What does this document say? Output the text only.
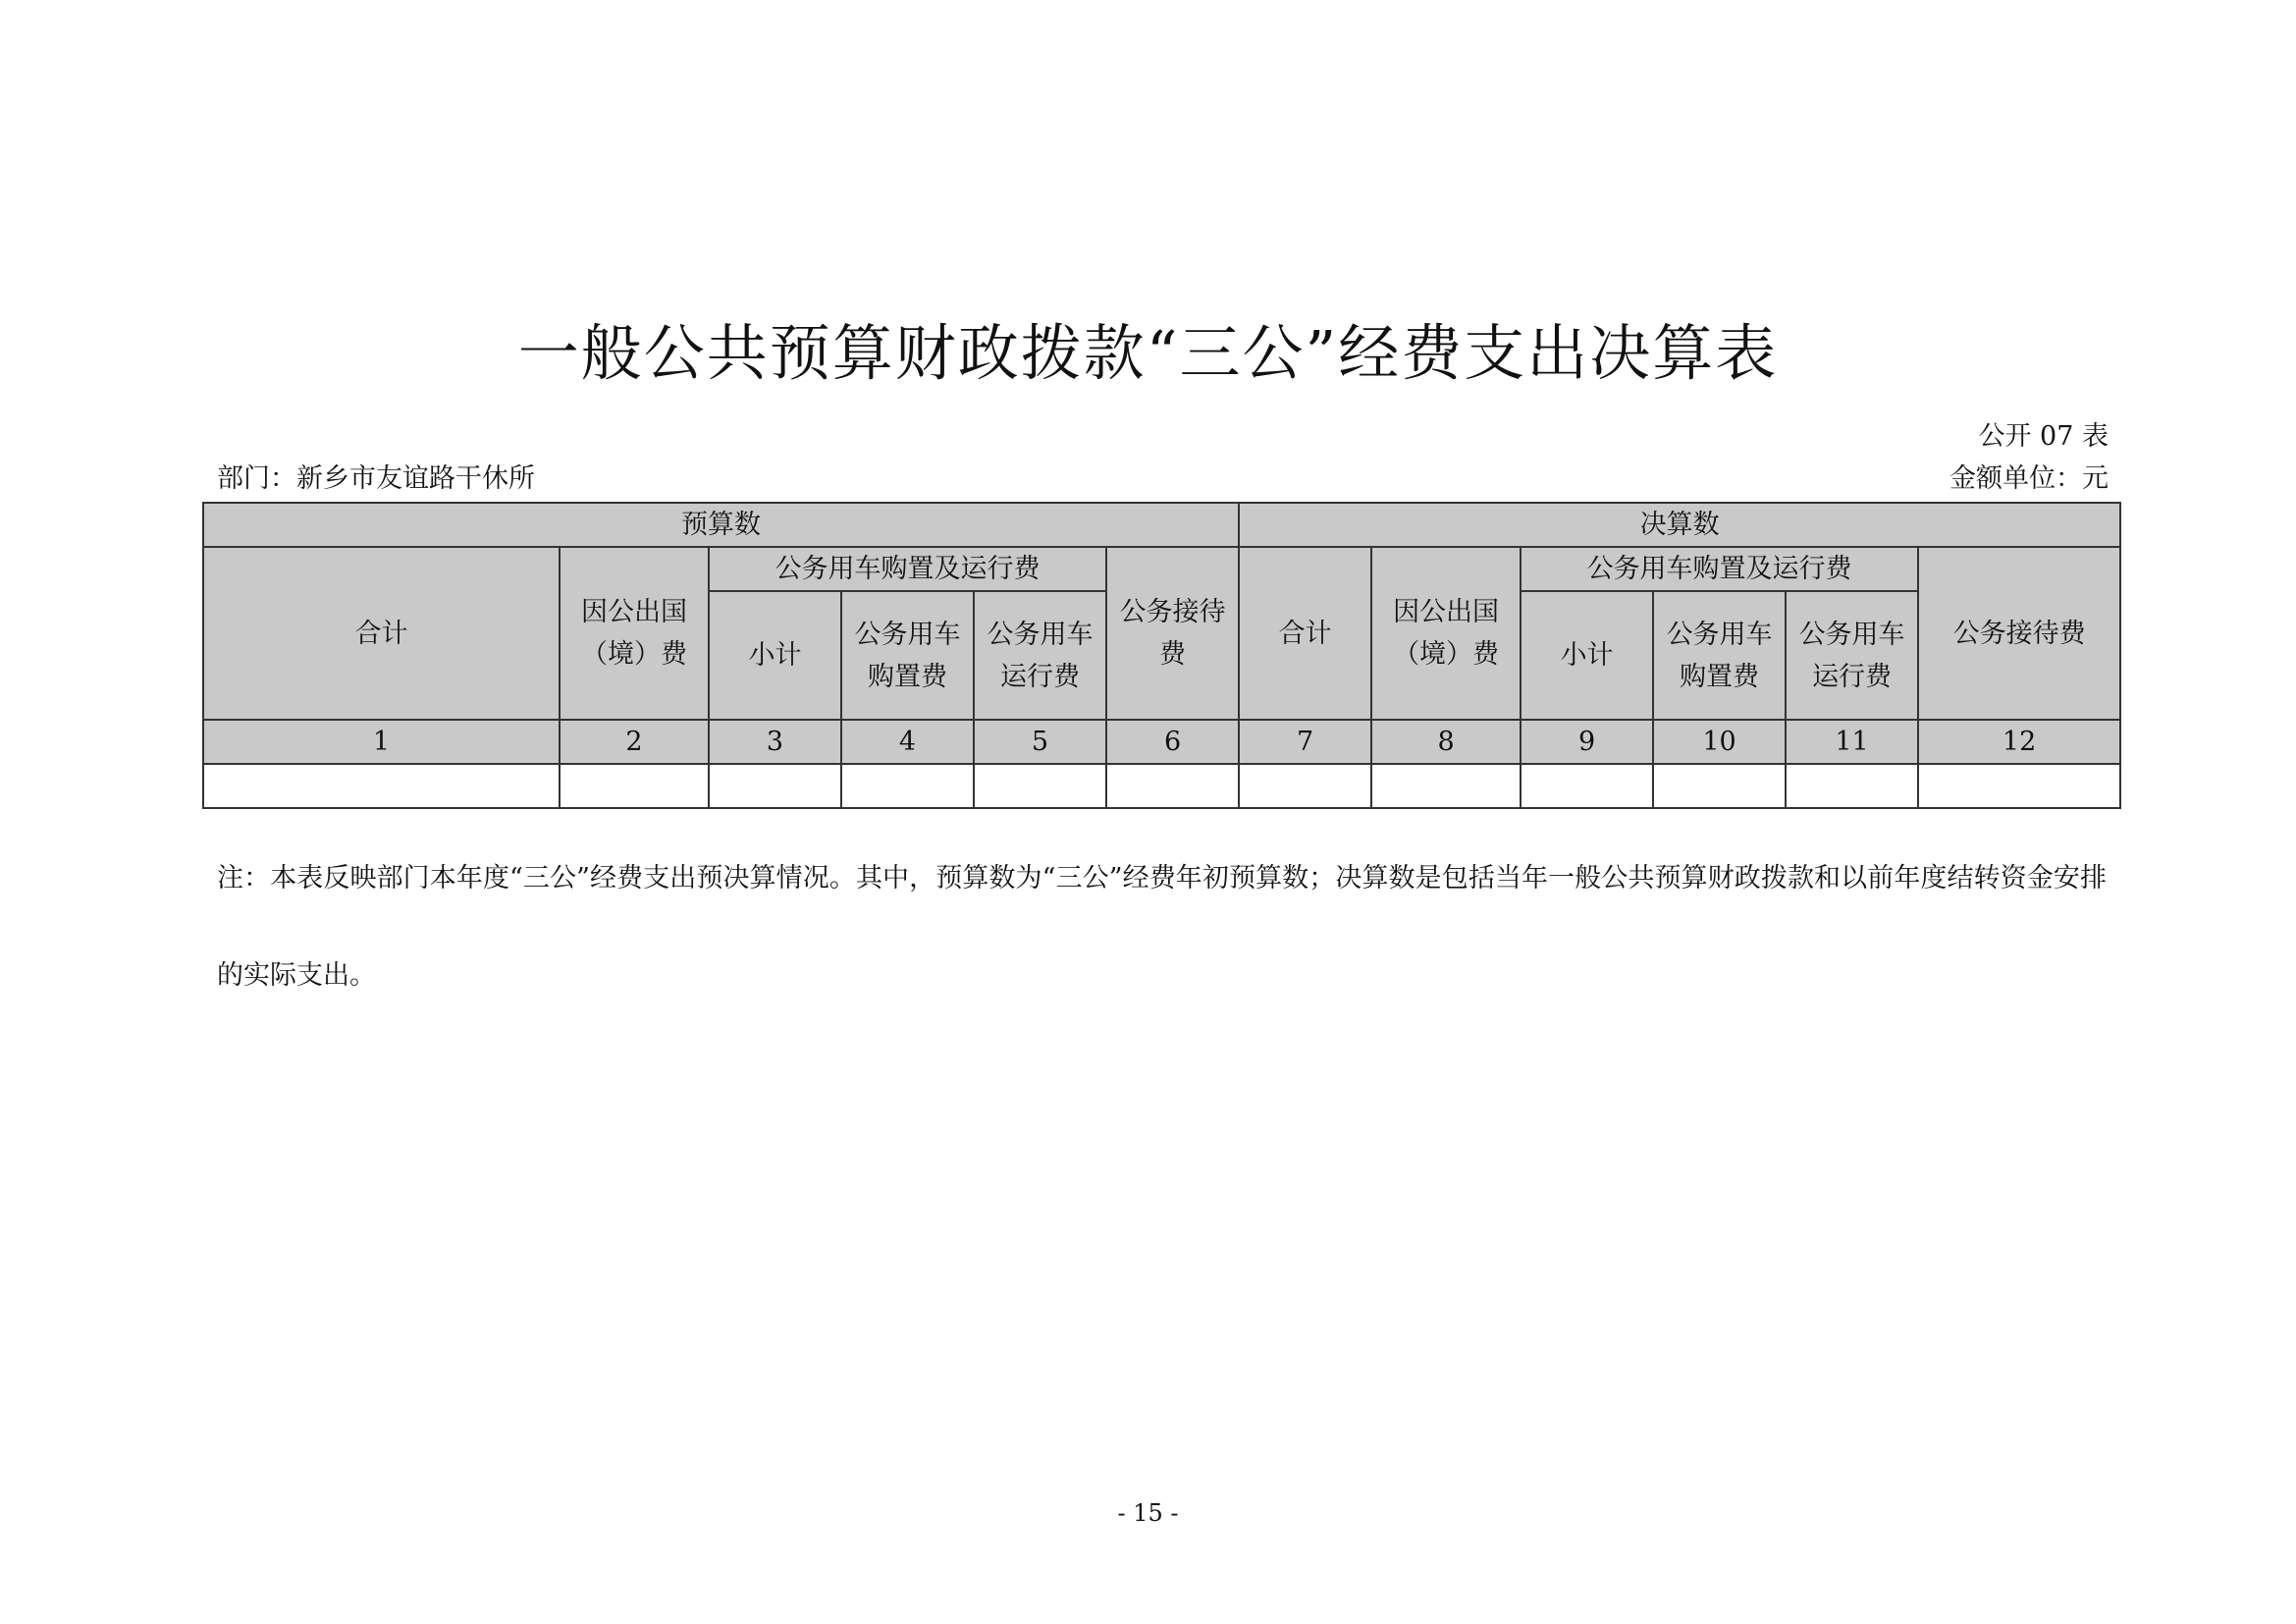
一般公共预算财政拨款“三公”经费支出决算表
公开 07 表
部门：新乡市友谊路干休所	金额单位：元
预算数						决算数					
合计	因公出国（境）费	公务用车购置及运行费			公务接待费	合计	因公出国（境）费	公务用车购置及运行费			公务接待费
		小计	公务用车购置费	公务用车运行费				小计	公务用车购置费	公务用车运行费	
1	2	3	4	5	6	7	8	9	10	11	12

注：本表反映部门本年度“三公”经费支出预决算情况。其中，预算数为“三公”经费年初预算数；决算数是包括当年一般公共预算财政拨款和以前年度结转资金安排的实际支出。
- 15 -
